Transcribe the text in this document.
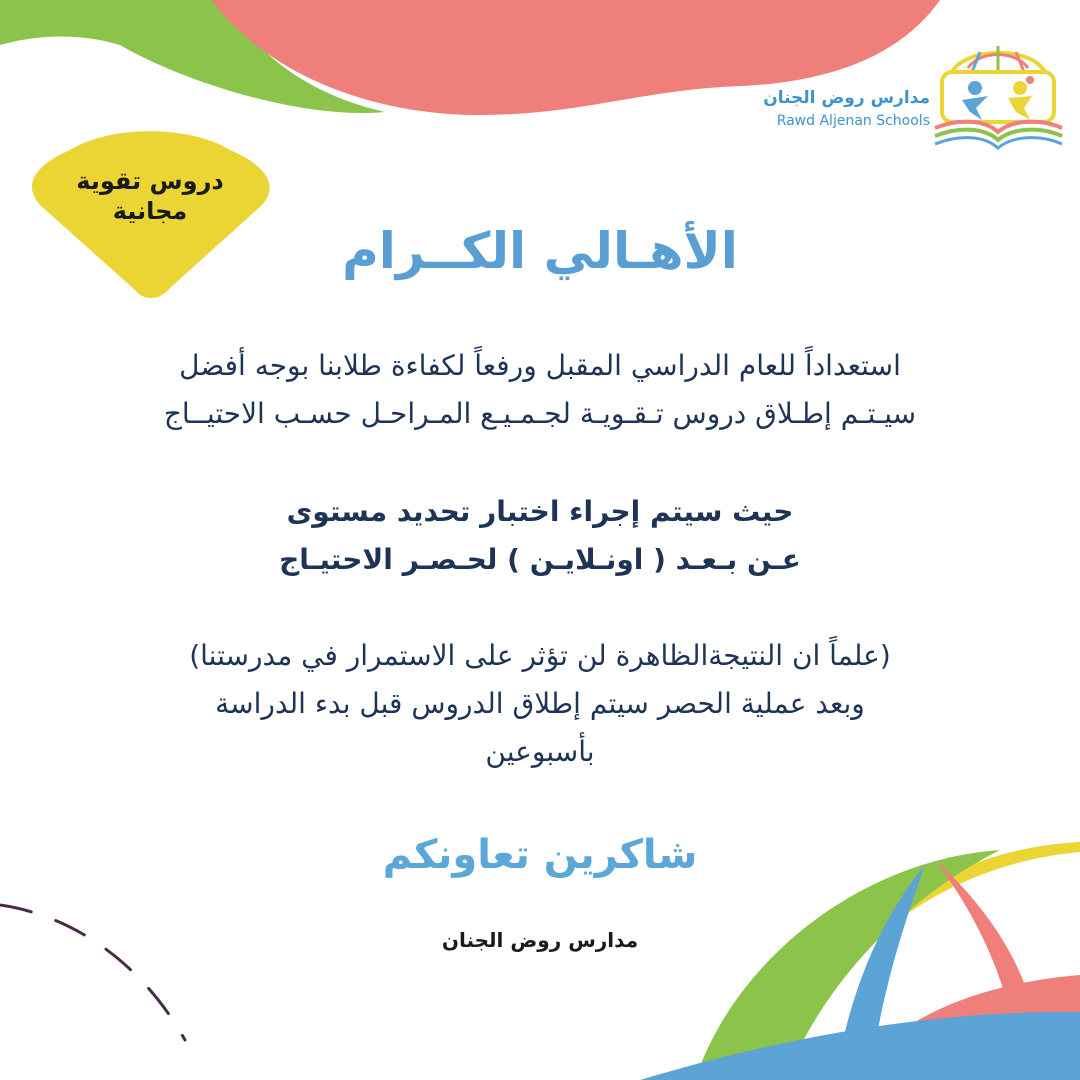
دروس تقوية
مجانية
مدارس روض الجنان
Rawd Aljenan Schools
الأهـالي الكــرام
استعداداً للعام الدراسي المقبل ورفعاً لكفاءة طلابنا بوجه أفضل
سيـتـم إطـلاق دروس تـقـويـة لجـمـيـع المـراحـل حسـب الاحتيــاج
حيث سيتم إجراء اختبار تحديد مستوى
عـن بـعـد ( اونـلايـن ) لحـصـر الاحتيـاج
(علماً ان النتيجةالظاهرة لن تؤثر على الاستمرار في مدرستنا)
وبعد عملية الحصر سيتم إطلاق الدروس قبل بدء الدراسة
بأسبوعين
شاكرين تعاونكم
مدارس روض الجنان
